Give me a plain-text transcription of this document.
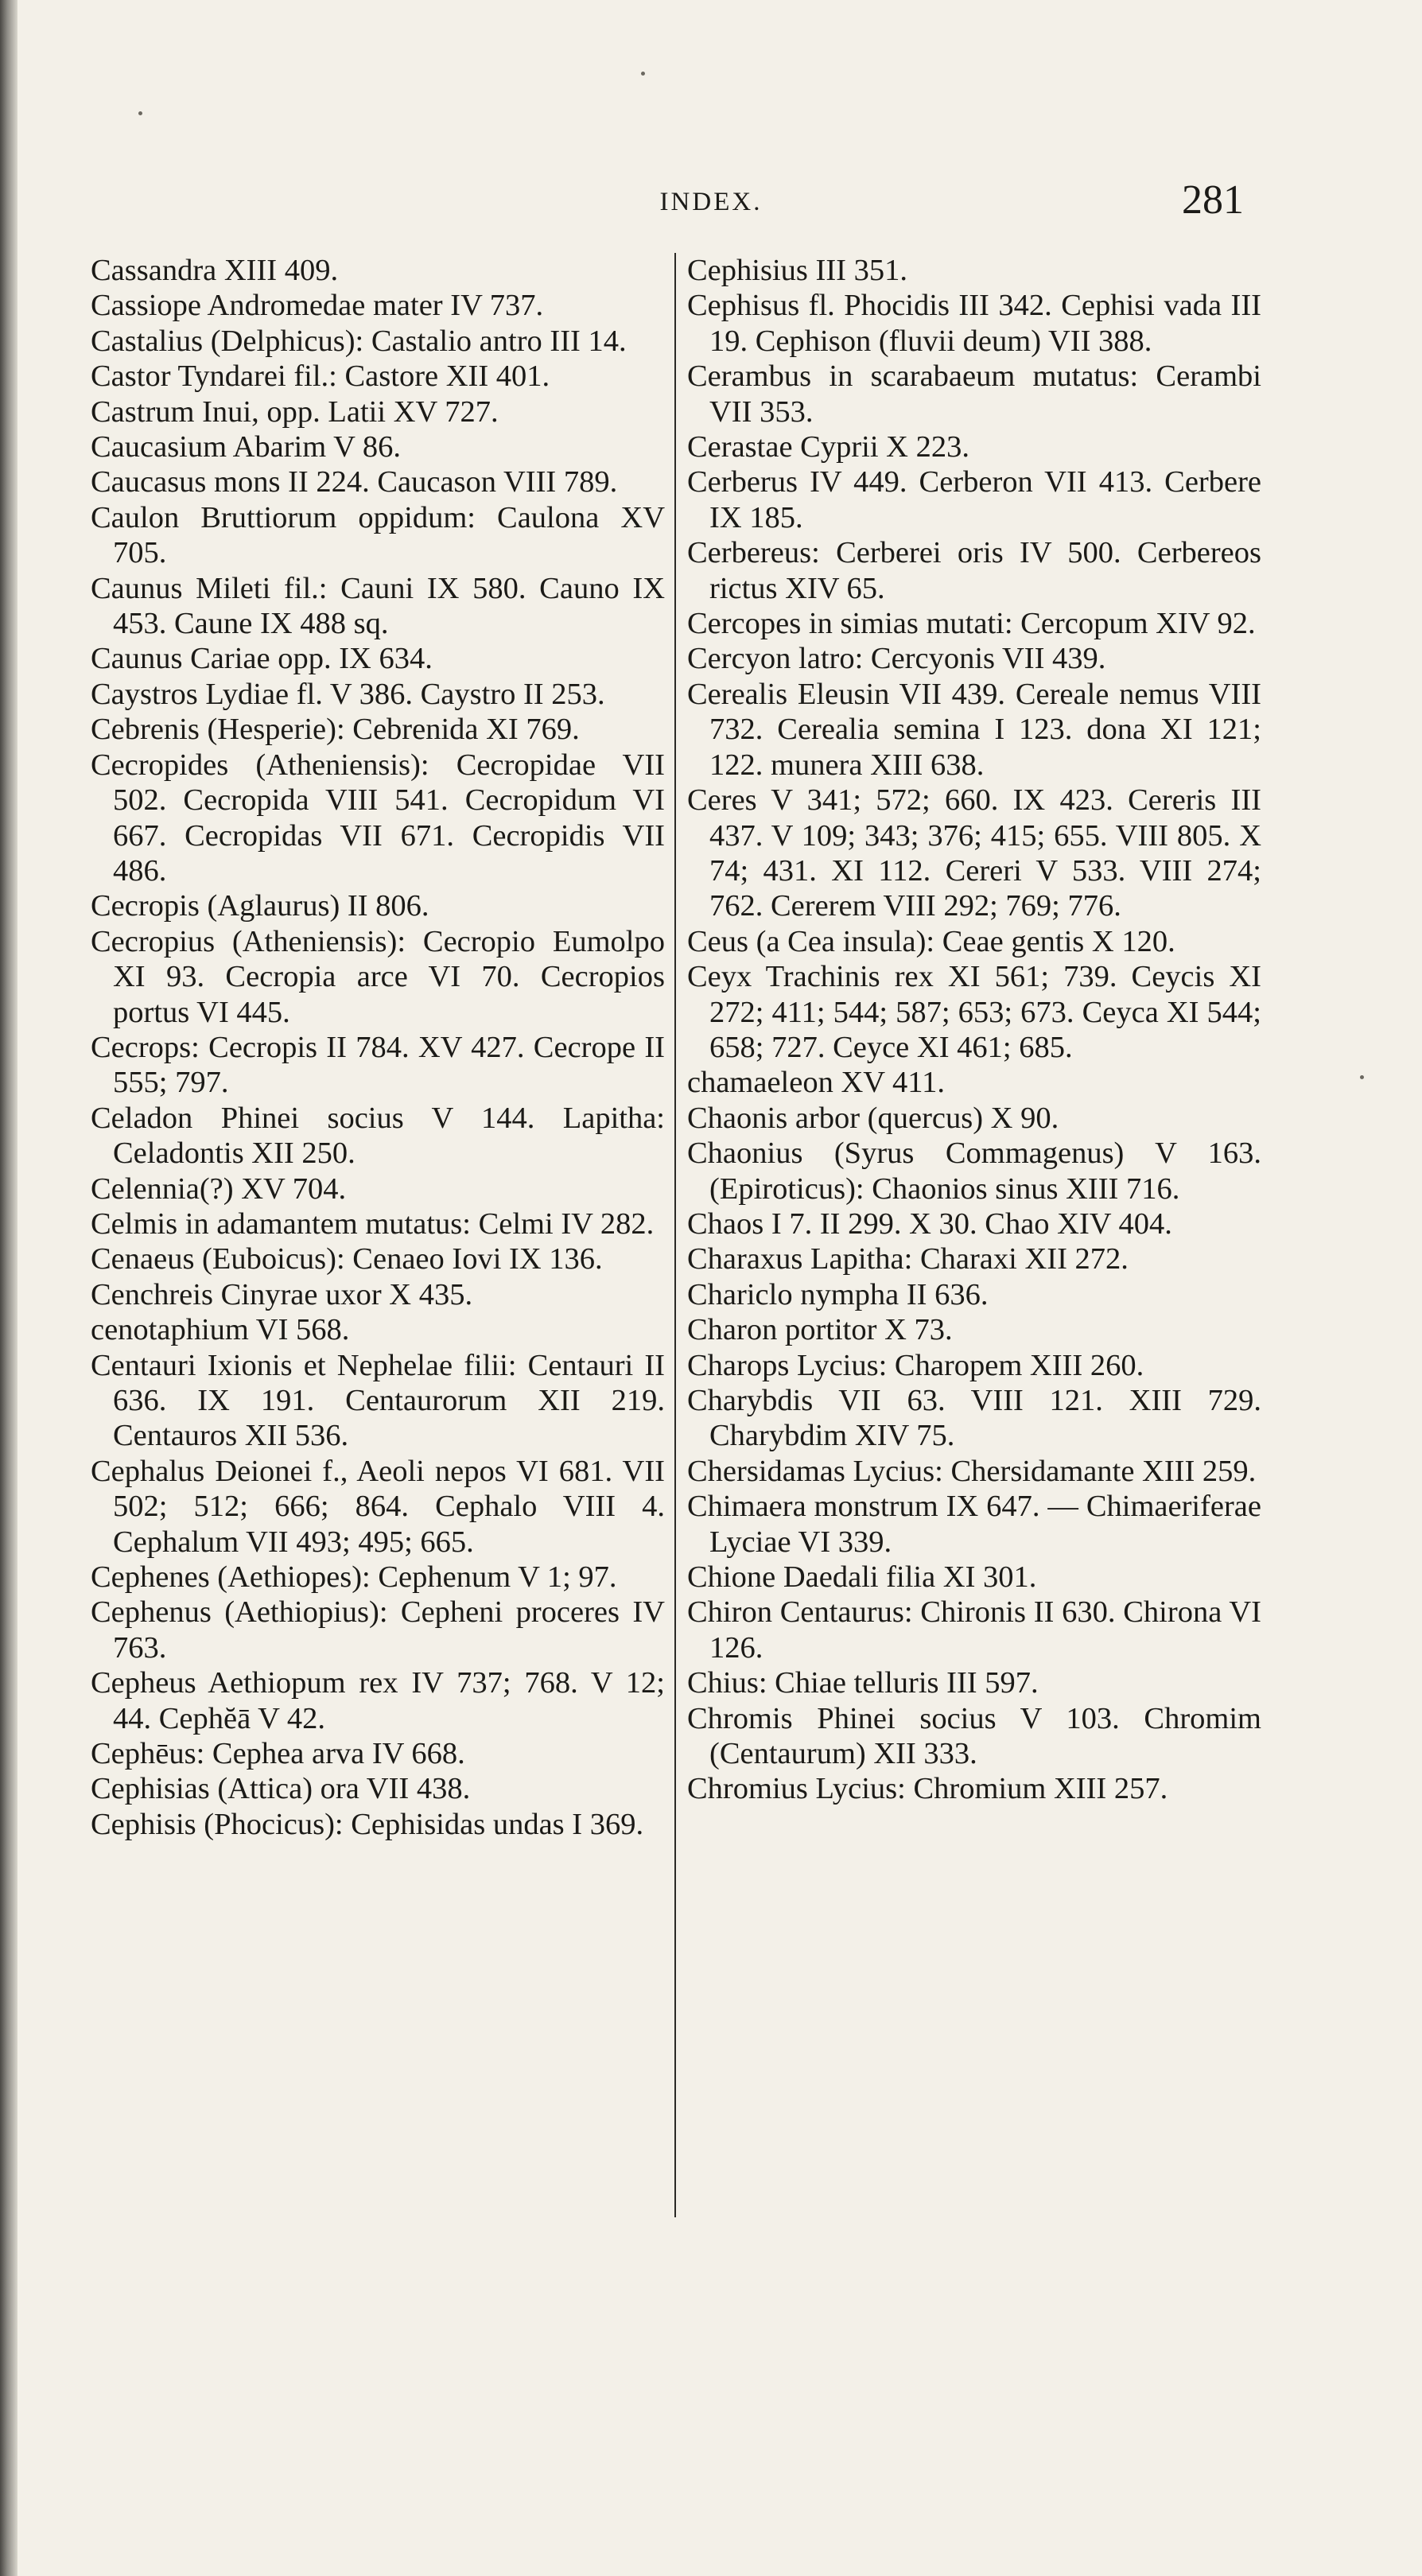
INDEX.	281

Cassandra XIII 409.

Cassiope Andromedae mater IV 737.

Castalius (Delphicus): Castalio antro III 14.

Castor Tyndarei fil.: Castore XII 401.

Castrum Inui, opp. Latii XV 727.

Caucasium Abarim V 86.

Caucasus mons II 224. Caucason VIII 789.

Caulon Bruttiorum oppidum: Caulona XV 705.

Caunus Mileti fil.: Cauni IX 580. Cauno IX 453. Caune IX 488 sq.

Caunus Cariae opp. IX 634.

Caystros Lydiae fl. V 386. Caystro II 253.

Cebrenis (Hesperie): Cebrenida XI 769.

Cecropides (Atheniensis): Cecropidae VII 502. Cecropida VIII 541. Cecropidum VI 667. Cecropidas VII 671. Cecropidis VII 486.

Cecropis (Aglaurus) II 806.

Cecropius (Atheniensis): Cecropio Eumolpo XI 93. Cecropia arce VI 70. Cecropios portus VI 445.

Cecrops: Cecropis II 784. XV 427. Cecrope II 555; 797.

Celadon Phinei socius V 144. Lapitha: Celadontis XII 250.

Celennia(?) XV 704.

Celmis in adamantem mutatus: Celmi IV 282.

Cenaeus (Euboicus): Cenaeo Iovi IX 136.

Cenchreis Cinyrae uxor X 435.

cenotaphium VI 568.

Centauri Ixionis et Nephelae filii: Centauri II 636. IX 191. Centaurorum XII 219. Centauros XII 536.

Cephalus Deionei f., Aeoli nepos VI 681. VII 502; 512; 666; 864. Cephalo VIII 4. Cephalum VII 493; 495; 665.

Cephenes (Aethiopes): Cephenum V 1; 97.

Cephenus (Aethiopius): Cepheni proceres IV 763.

Cepheus Aethiopum rex IV 737; 768. V 12; 44. Cephĕā V 42.

Cephēus: Cephea arva IV 668.

Cephisias (Attica) ora VII 438.

Cephisis (Phocicus): Cephisidas undas I 369.

Cephisius III 351.

Cephisus fl. Phocidis III 342. Cephisi vada III 19. Cephison (fluvii deum) VII 388.

Cerambus in scarabaeum mutatus: Cerambi VII 353.

Cerastae Cyprii X 223.

Cerberus IV 449. Cerberon VII 413. Cerbere IX 185.

Cerbereus: Cerberei oris IV 500. Cerbereos rictus XIV 65.

Cercopes in simias mutati: Cercopum XIV 92.

Cercyon latro: Cercyonis VII 439.

Cerealis Eleusin VII 439. Cereale nemus VIII 732. Cerealia semina I 123. dona XI 121; 122. munera XIII 638.

Ceres V 341; 572; 660. IX 423. Cereris III 437. V 109; 343; 376; 415; 655. VIII 805. X 74; 431. XI 112. Cereri V 533. VIII 274; 762. Cererem VIII 292; 769; 776.

Ceus (a Cea insula): Ceae gentis X 120.

Ceyx Trachinis rex XI 561; 739. Ceycis XI 272; 411; 544; 587; 653; 673. Ceyca XI 544; 658; 727. Ceyce XI 461; 685.

chamaeleon XV 411.

Chaonis arbor (quercus) X 90.

Chaonius (Syrus Commagenus) V 163. (Epiroticus): Chaonios sinus XIII 716.

Chaos I 7. II 299. X 30. Chao XIV 404.

Charaxus Lapitha: Charaxi XII 272.

Chariclo nympha II 636.

Charon portitor X 73.

Charops Lycius: Charopem XIII 260.

Charybdis VII 63. VIII 121. XIII 729. Charybdim XIV 75.

Chersidamas Lycius: Chersidamante XIII 259.

Chimaera monstrum IX 647. — Chimaeriferae Lyciae VI 339.

Chione Daedali filia XI 301.

Chiron Centaurus: Chironis II 630. Chirona VI 126.

Chius: Chiae telluris III 597.

Chromis Phinei socius V 103. Chromim (Centaurum) XII 333.

Chromius Lycius: Chromium XIII 257.
